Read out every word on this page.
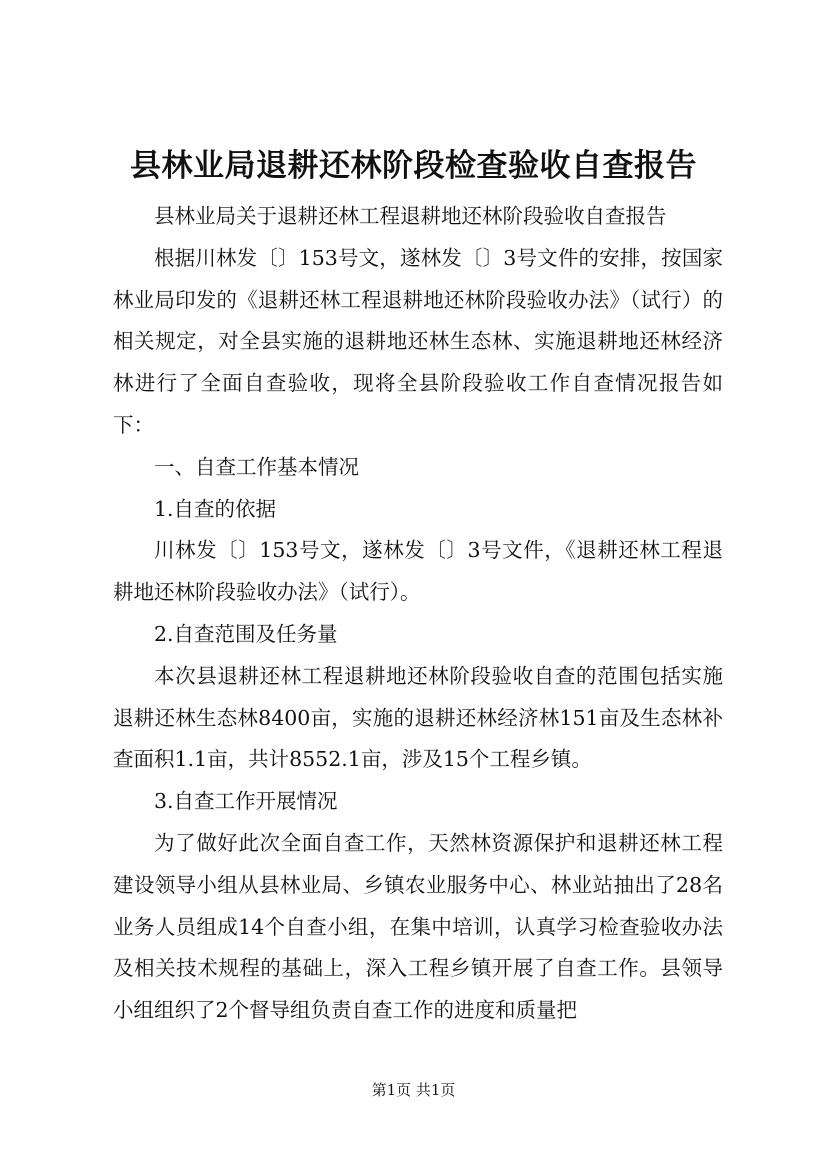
县林业局退耕还林阶段检查验收自查报告

县林业局关于退耕还林工程退耕地还林阶段验收自查报告

根据川林发〔〕153号文，遂林发〔〕3号文件的安排，按国家林业局印发的《退耕还林工程退耕地还林阶段验收办法》（试行）的相关规定，对全县实施的退耕地还林生态林、实施退耕地还林经济林进行了全面自查验收，现将全县阶段验收工作自查情况报告如下：

一、自查工作基本情况

1.自查的依据

川林发〔〕153号文，遂林发〔〕3号文件，《退耕还林工程退耕地还林阶段验收办法》（试行）。

2.自查范围及任务量

本次县退耕还林工程退耕地还林阶段验收自查的范围包括实施退耕还林生态林8400亩，实施的退耕还林经济林151亩及生态林补查面积1.1亩，共计8552.1亩，涉及15个工程乡镇。

3.自查工作开展情况

为了做好此次全面自查工作，天然林资源保护和退耕还林工程建设领导小组从县林业局、乡镇农业服务中心、林业站抽出了28名业务人员组成14个自查小组，在集中培训，认真学习检查验收办法及相关技术规程的基础上，深入工程乡镇开展了自查工作。县领导小组组织了2个督导组负责自查工作的进度和质量把

第1页 共1页
